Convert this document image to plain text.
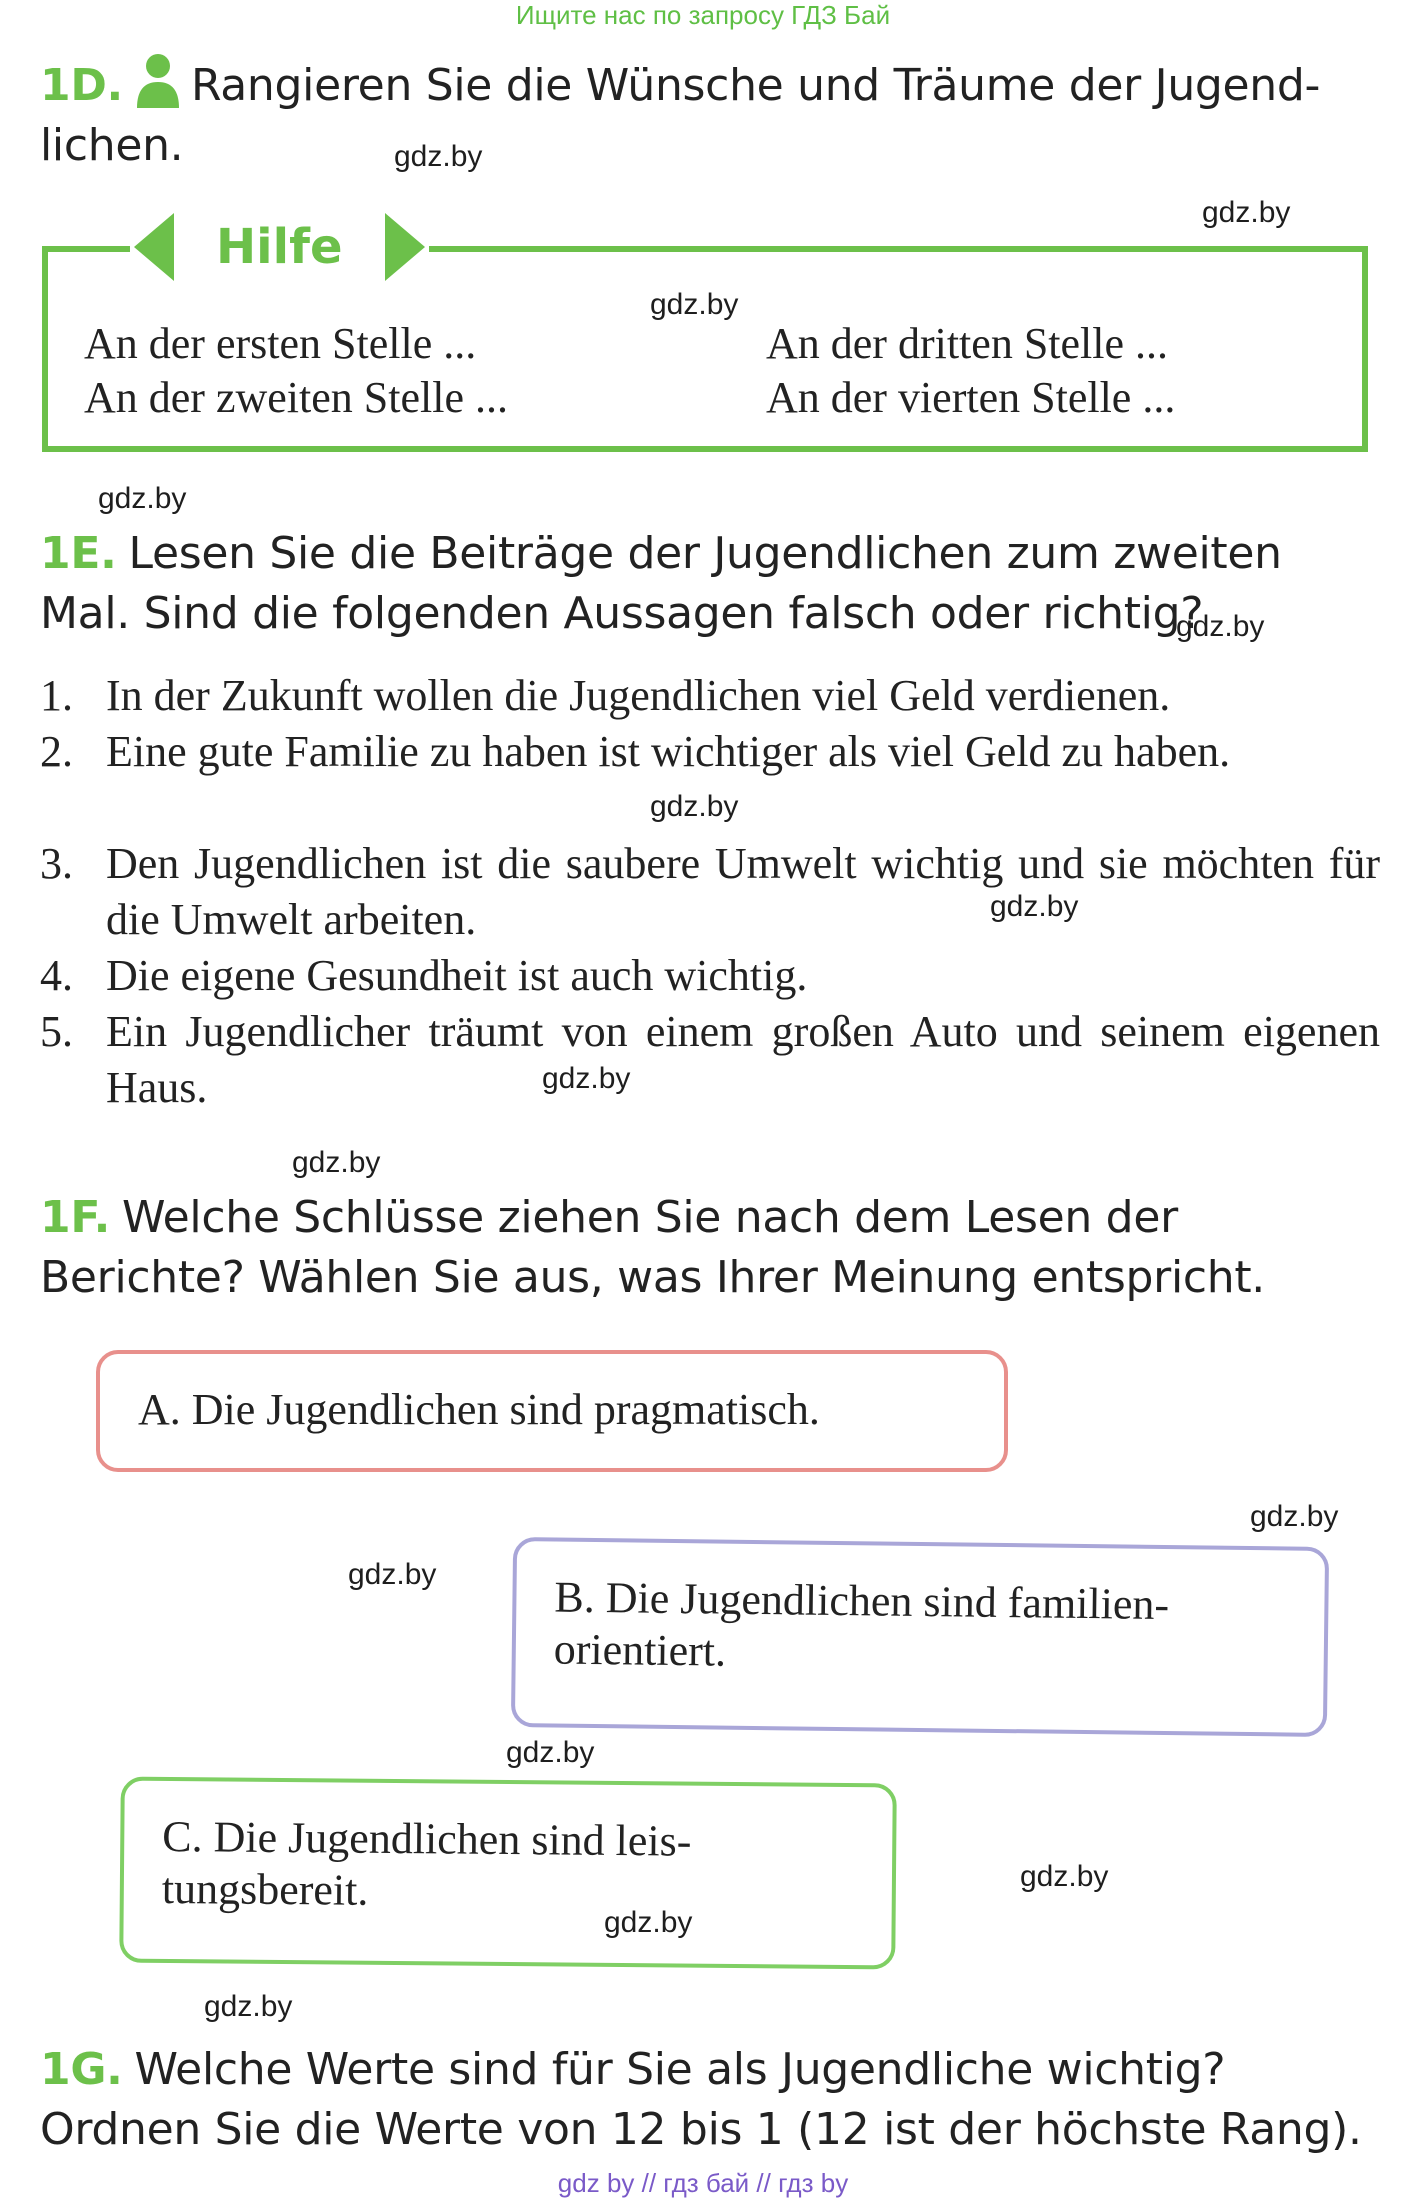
Ищите нас по запросу ГДЗ Бай
1D. Rangieren Sie die Wünsche und Träume der Jugend-lichen.
Hilfe
An der ersten Stelle ...
An der zweiten Stelle ...
An der dritten Stelle ...
An der vierten Stelle ...
1E. Lesen Sie die Beiträge der Jugendlichen zum zweiten Mal. Sind die folgenden Aussagen falsch oder richtig?
1. In der Zukunft wollen die Jugendlichen viel Geld verdienen.
2. Eine gute Familie zu haben ist wichtiger als viel Geld zu haben.
3. Den Jugendlichen ist die saubere Umwelt wichtig und sie möchten für die Umwelt arbeiten.
4. Die eigene Gesundheit ist auch wichtig.
5. Ein Jugendlicher träumt von einem großen Auto und seinem eigenen Haus.
1F. Welche Schlüsse ziehen Sie nach dem Lesen der Berichte? Wählen Sie aus, was Ihrer Meinung entspricht.
A. Die Jugendlichen sind pragmatisch.
B. Die Jugendlichen sind familien-orientiert.
C. Die Jugendlichen sind leis-tungsbereit.
1G. Welche Werte sind für Sie als Jugendliche wichtig? Ordnen Sie die Werte von 12 bis 1 (12 ist der höchste Rang).
gdz.by
gdz.by
gdz.by
gdz.by
gdz.by
gdz.by
gdz.by
gdz.by
gdz.by
gdz.by
gdz.by
gdz.by
gdz.by
gdz.by
gdz.by
gdz by // гдз бай // гдз by
